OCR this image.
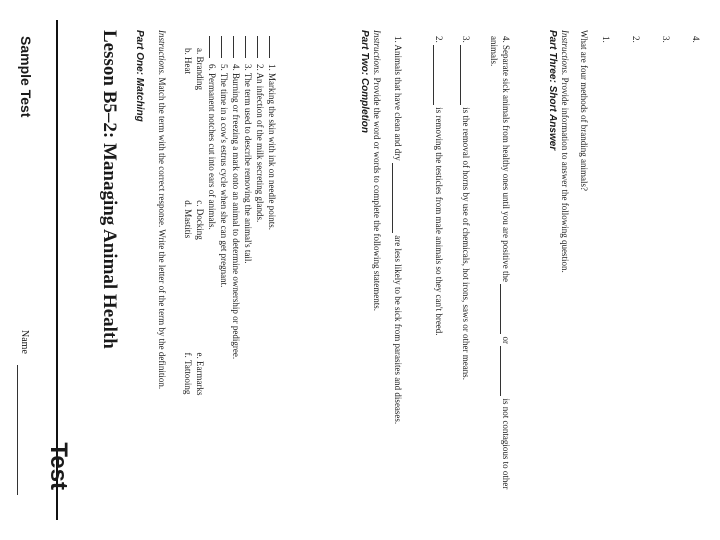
Sample Test
Name
Test
Lesson B5–2: Managing Animal Health Part One: Matching Instructions. Match the term with the correct response. Write the letter of the term by the definition.
a. Branding c. Docking e. Earmarks
b. Heat d. Mastitis f. Tattooing
1. Marking the skin with ink on needle points.
2. An infection of the milk secreting glands.
3. The term used to describe removing the animal's tail.
4. Burning or freezing a mark onto an animal to determine ownership or pedigree.
5. The time in a cow's estrus cycle when she can get pregnant.
6. Permanent notches cut into ears of animals.	Part Two: Completion Instructions. Provide the word or words to complete the following statements.
1. Animals that have clean and dry  are less likely to be sick from parasites and diseases.
2.  is removing the testicles from male animals so they can't breed.
3.  is the removal of horns by use of chemicals, hot irons, saws or other means.
4. Separate sick animals from healthy ones until you are positive the  or  is not contagious to other animals.	Part Three: Short Answer Instructions. Provide information to answer the following question. What are four methods of branding animals? 1. 2. 3. 4.
